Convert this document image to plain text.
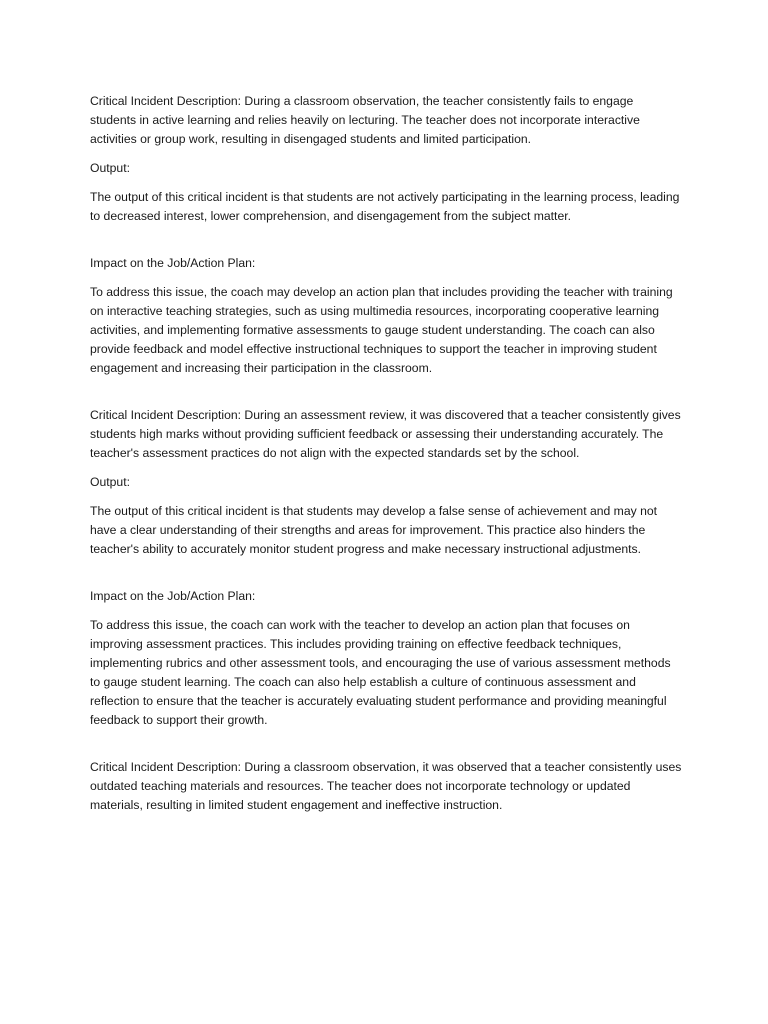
Critical Incident Description: During a classroom observation, the teacher consistently fails to engage students in active learning and relies heavily on lecturing. The teacher does not incorporate interactive activities or group work, resulting in disengaged students and limited participation.

Output:

The output of this critical incident is that students are not actively participating in the learning process, leading to decreased interest, lower comprehension, and disengagement from the subject matter.

Impact on the Job/Action Plan:

To address this issue, the coach may develop an action plan that includes providing the teacher with training on interactive teaching strategies, such as using multimedia resources, incorporating cooperative learning activities, and implementing formative assessments to gauge student understanding. The coach can also provide feedback and model effective instructional techniques to support the teacher in improving student engagement and increasing their participation in the classroom.

Critical Incident Description: During an assessment review, it was discovered that a teacher consistently gives students high marks without providing sufficient feedback or assessing their understanding accurately. The teacher's assessment practices do not align with the expected standards set by the school.

Output:

The output of this critical incident is that students may develop a false sense of achievement and may not have a clear understanding of their strengths and areas for improvement. This practice also hinders the teacher's ability to accurately monitor student progress and make necessary instructional adjustments.

Impact on the Job/Action Plan:

To address this issue, the coach can work with the teacher to develop an action plan that focuses on improving assessment practices. This includes providing training on effective feedback techniques, implementing rubrics and other assessment tools, and encouraging the use of various assessment methods to gauge student learning. The coach can also help establish a culture of continuous assessment and reflection to ensure that the teacher is accurately evaluating student performance and providing meaningful feedback to support their growth.

Critical Incident Description: During a classroom observation, it was observed that a teacher consistently uses outdated teaching materials and resources. The teacher does not incorporate technology or updated materials, resulting in limited student engagement and ineffective instruction.
